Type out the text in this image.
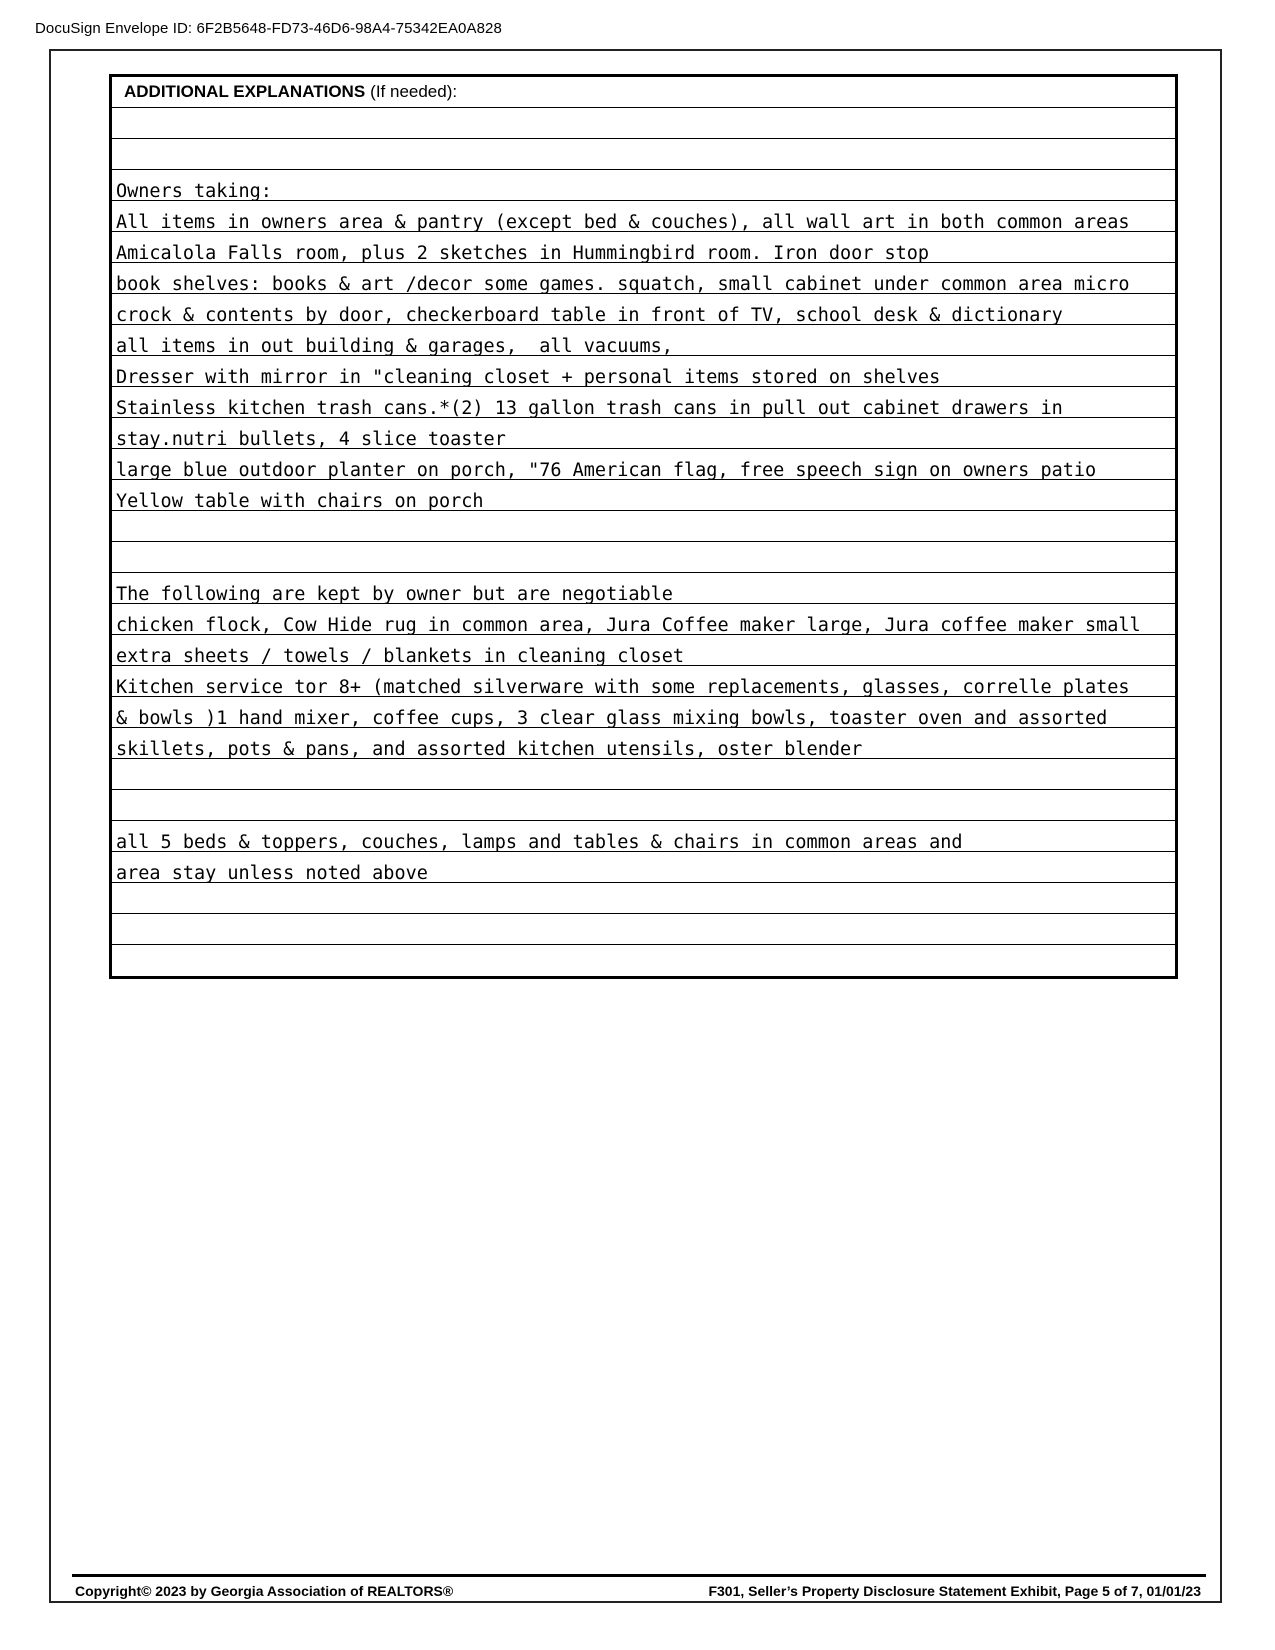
DocuSign Envelope ID: 6F2B5648-FD73-46D6-98A4-75342EA0A828
ADDITIONAL EXPLANATIONS (If needed):
Owners taking:
All items in owners area & pantry (except bed & couches), all wall art in both common areas
Amicalola Falls room, plus 2 sketches in Hummingbird room. Iron door stop
book shelves: books & art /decor some games. squatch, small cabinet under common area micro
crock & contents by door, checkerboard table in front of TV, school desk & dictionary
all items in out building & garages,  all vacuums,
Dresser with mirror in "cleaning closet + personal items stored on shelves
Stainless kitchen trash cans.*(2) 13 gallon trash cans in pull out cabinet drawers in
stay.nutri bullets, 4 slice toaster
large blue outdoor planter on porch, "76 American flag, free speech sign on owners patio
Yellow table with chairs on porch
The following are kept by owner but are negotiable
chicken flock, Cow Hide rug in common area, Jura Coffee maker large, Jura coffee maker small
extra sheets / towels / blankets in cleaning closet
Kitchen service tor 8+ (matched silverware with some replacements, glasses, correlle plates
& bowls )1 hand mixer, coffee cups, 3 clear glass mixing bowls, toaster oven and assorted
skillets, pots & pans, and assorted kitchen utensils, oster blender
all 5 beds & toppers, couches, lamps and tables & chairs in common areas and
area stay unless noted above
Copyright© 2023 by Georgia Association of REALTORS®	F301, Seller’s Property Disclosure Statement Exhibit, Page 5 of 7, 01/01/23
